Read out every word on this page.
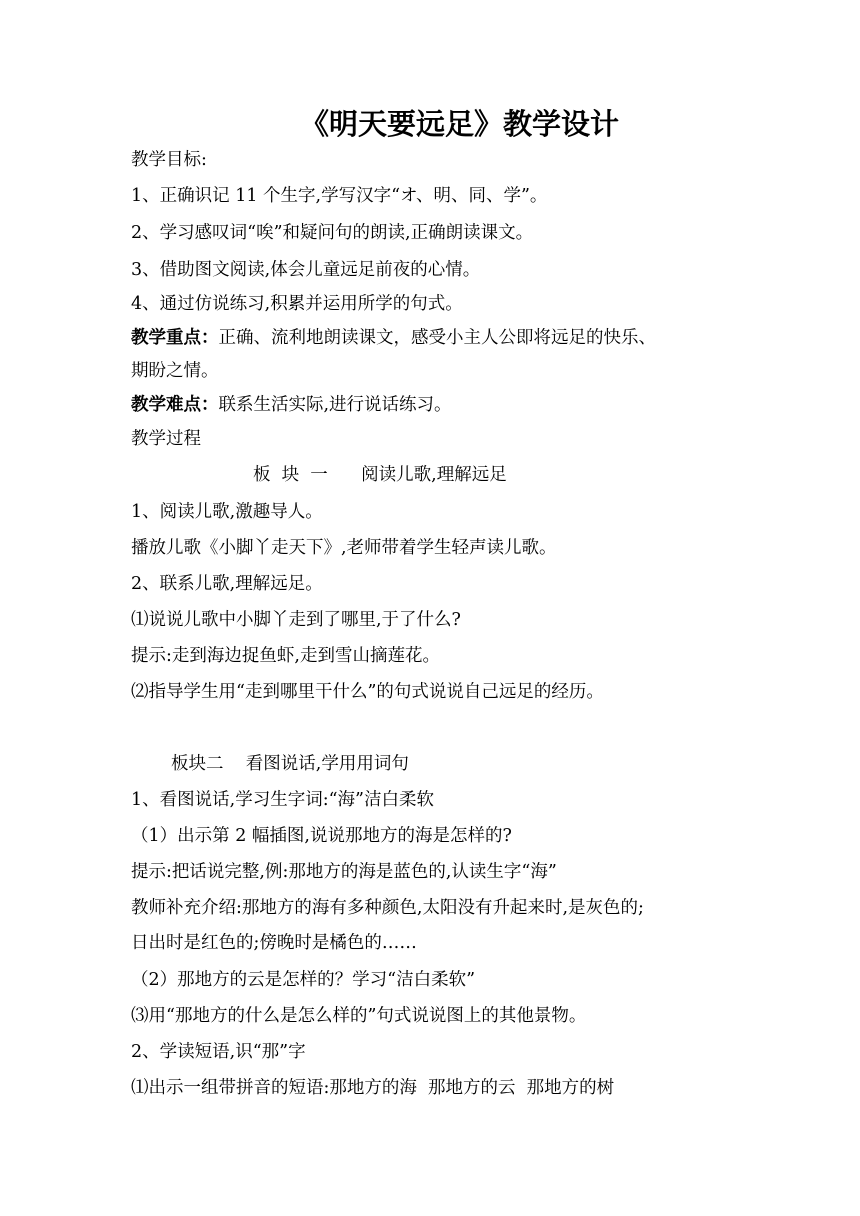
《明天要远足》教学设计
教学目标:
1、正确识记 11 个生字,学写汉字“オ、明、同、学”。
2、学习感叹词“唉”和疑问句的朗读,正确朗读课文。
3、借助图文阅读,体会儿童远足前夜的心情。
4、通过仿说练习,积累并运用所学的句式。
教学重点：正确、流利地朗读课文，感受小主人公即将远足的快乐、
期盼之情。
教学难点：联系生活实际,进行说话练习。
教学过程
板  块  一      阅读儿歌,理解远足
1、阅读儿歌,激趣导人。
播放儿歌《小脚丫走天下》,老师带着学生轻声读儿歌。
2、联系儿歌,理解远足。
⑴说说儿歌中小脚丫走到了哪里,于了什么?
提示:走到海边捉鱼虾,走到雪山摘莲花。
⑵指导学生用“走到哪里干什么”的句式说说自己远足的经历。
板块二    看图说话,学用用词句
1、看图说话,学习生字词:“海”洁白柔软
（1）出示第 2 幅插图,说说那地方的海是怎样的?
提示:把话说完整,例:那地方的海是蓝色的,认读生字“海”
教师补充介绍:那地方的海有多种颜色,太阳没有升起来时,是灰色的;
日出时是红色的;傍晚时是橘色的……
（2）那地方的云是怎样的？学习“洁白柔软”
⑶用“那地方的什么是怎么样的”句式说说图上的其他景物。
2、学读短语,识“那”字
⑴出示一组带拼音的短语:那地方的海  那地方的云  那地方的树
